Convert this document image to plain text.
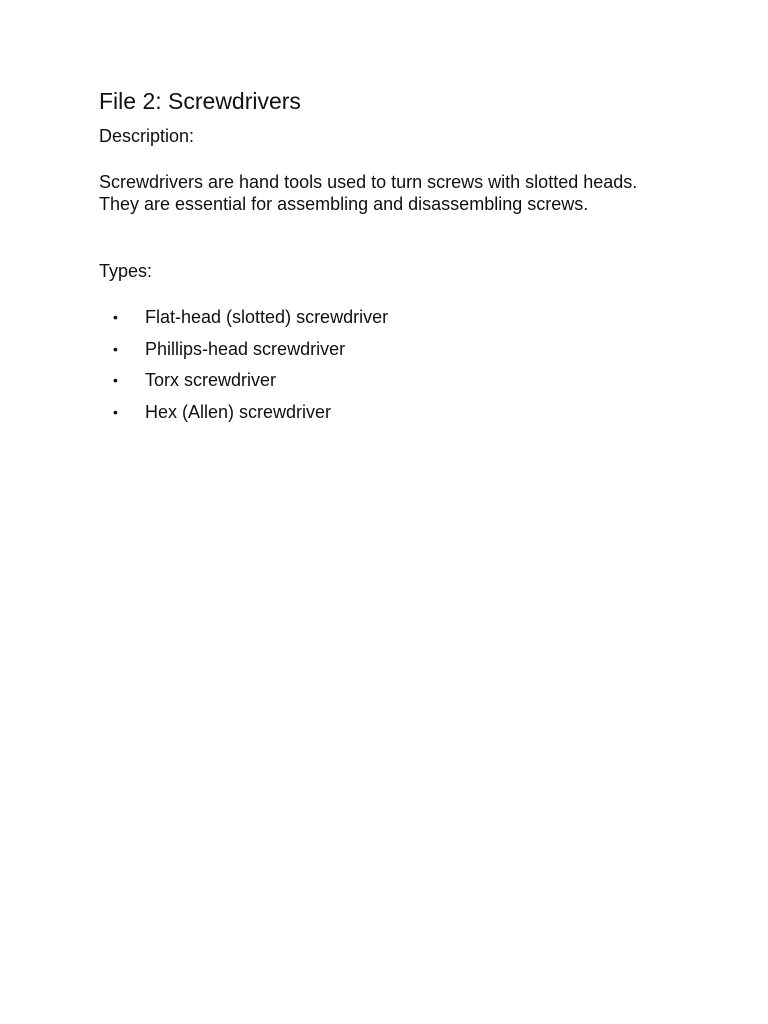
File 2: Screwdrivers

Description:

Screwdrivers are hand tools used to turn screws with slotted heads. They are essential for assembling and disassembling screws.

Types:

• Flat-head (slotted) screwdriver
• Phillips-head screwdriver
• Torx screwdriver
• Hex (Allen) screwdriver
